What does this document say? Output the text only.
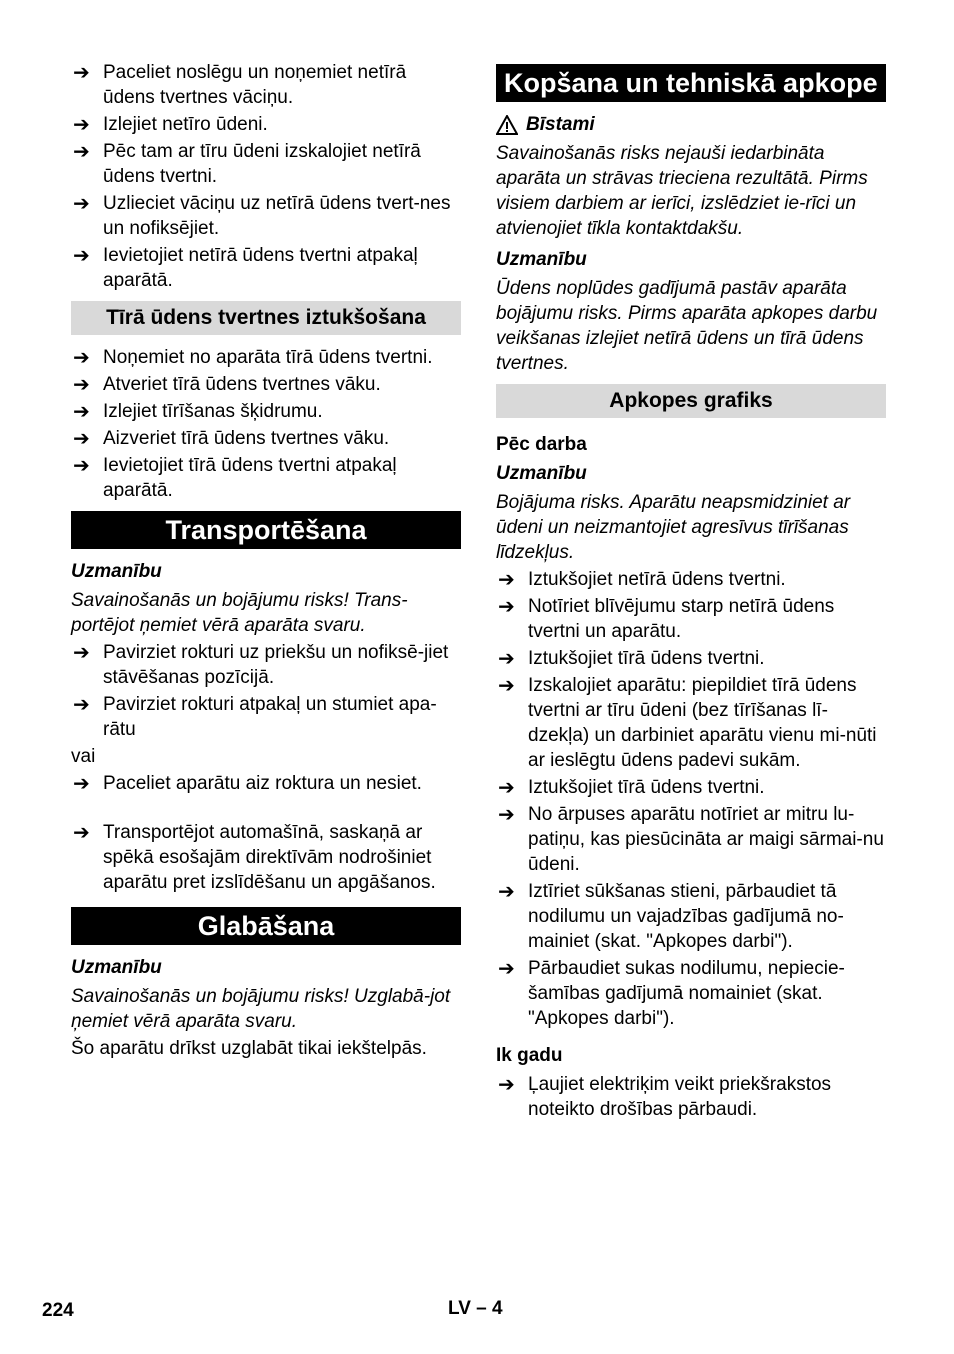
➔ Paceliet noslēgu un noņemiet netīrā ūdens tvertnes vāciņu.
➔ Izlejiet netīro ūdeni.
➔ Pēc tam ar tīru ūdeni izskalojiet netīrā ūdens tvertni.
➔ Uzlieciet vāciņu uz netīrā ūdens tvert-nes un nofiksējiet.
➔ Ievietojiet netīrā ūdens tvertni atpakaļ aparātā.
Tīrā ūdens tvertnes iztukšošana
➔ Noņemiet no aparāta tīrā ūdens tvertni.
➔ Atveriet tīrā ūdens tvertnes vāku.
➔ Izlejiet tīrīšanas šķidrumu.
➔ Aizveriet tīrā ūdens tvertnes vāku.
➔ Ievietojiet tīrā ūdens tvertni atpakaļ aparātā.
Transportēšana
Uzmanību
Savainošanās un bojājumu risks! Trans-portējot ņemiet vērā aparāta svaru.
➔ Pavirziet rokturi uz priekšu un nofiksē-jiet stāvēšanas pozīcijā.
➔ Pavirziet rokturi atpakaļ un stumiet apa-rātu
vai
➔ Paceliet aparātu aiz roktura un nesiet.
➔ Transportējot automašīnā, saskaņā ar spēkā esošajām direktīvām nodrošiniet aparātu pret izslīdēšanu un apgāšanos.
Glabāšana
Uzmanību
Savainošanās un bojājumu risks! Uzglabā-jot ņemiet vērā aparāta svaru.
Šo aparātu drīkst uzglabāt tikai iekštelpās.
Kopšana un tehniskā apkope
Bīstami
Savainošanās risks nejauši iedarbināta aparāta un strāvas trieciena rezultātā. Pirms visiem darbiem ar ierīci, izslēdziet ie-rīci un atvienojiet tīkla kontaktdakšu.
Uzmanību
Ūdens noplūdes gadījumā pastāv aparāta bojājumu risks. Pirms aparāta apkopes darbu veikšanas izlejiet netīrā ūdens un tīrā ūdens tvertnes.
Apkopes grafiks
Pēc darba
Uzmanību
Bojājuma risks. Aparātu neapsmidziniet ar ūdeni un neizmantojiet agresīvus tīrīšanas līdzekļus.
➔ Iztukšojiet netīrā ūdens tvertni.
➔ Notīriet blīvējumu starp netīrā ūdens tvertni un aparātu.
➔ Iztukšojiet tīrā ūdens tvertni.
➔ Izskalojiet aparātu: piepildiet tīrā ūdens tvertni ar tīru ūdeni (bez tīrīšanas lī-dzekļa) un darbiniet aparātu vienu mi-nūti ar ieslēgtu ūdens padevi sukām.
➔ Iztukšojiet tīrā ūdens tvertni.
➔ No ārpuses aparātu notīriet ar mitru lu-patiņu, kas piesūcināta ar maigi sārmai-nu ūdeni.
➔ Iztīriet sūkšanas stieni, pārbaudiet tā nodilumu un vajadzības gadījumā no-mainiet (skat. "Apkopes darbi").
➔ Pārbaudiet sukas nodilumu, nepiecie-šamības gadījumā nomainiet (skat. "Apkopes darbi").
Ik gadu
➔ Ļaujiet elektriķim veikt priekšrakstos noteikto drošības pārbaudi.
224	LV – 4
